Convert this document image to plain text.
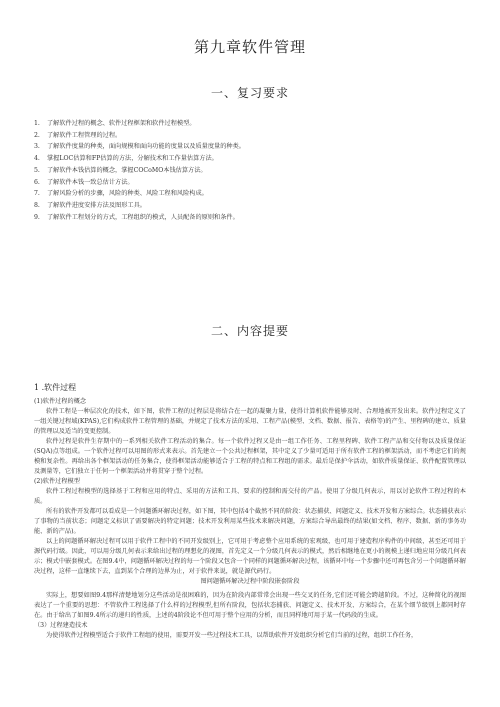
第九章软件管理
一、复习要求
1. 了解软件过程的概念、软件过程框架和软件过程模型。
2. 了解软件工程管理的过程。
3. 了解软件度量的种类，面向规模和面向功能的度量以及质量度量的种类。
4. 掌握LOC估算和FP估算的方法，分解技术和工作量估算方法。
5. 了解软件本钱估算的概念，掌握COCoMO本钱估算方法。
6. 了解软件本钱一致总估计方法。
7. 了解风险分析的步骤，风险的种类、风险工程和风险构成。
8. 了解软件进度安排方法及图形工具。
9. 了解软件工程划分的方式，工程组织的模式，人员配备的原则和条件。
二、内容提要
1 .软件过程
(1)软件过程的概念

软件工程是一种层次化的技术，如下图，软件工程的过程层是将结合在一起的凝聚力量，使得计算机软件能够及时、合理地被开发出来。软件过程定义了一组关键过程域(KPAS),它们构成软件工程管理的基础，并规定了技术方法的采用、工程产品(模型、文档、数据、报告、表格等)的产生、里程碑的建立、质量的管理以及适当的变更控制。

软件过程是软件生存期中的一系列相关软件工程活动的集合。每一个软件过程又是由一组工作任务、工程里程碑、软件工程产品和交付物以及质量保证(SQA)点等组成。一个软件过程可以用图的形式来表示。首先建立一个公共过程框架，其中定义了少量可适用于所有软件工程的框架活动，而不考虑它们的规模和复杂性。再给出各个框架活动的任务集合，使得框架活动能够适合于工程的特点和工程组的需求。最后是保护伞活动，如软件质量保证、软件配置管理以及测量等，它们独立于任何一个框架活动并将贯穿于整个过程。

(2)软件过程模型

软件工程过程模型的选择基于工程和应用的特点、采用的方法和工具、要求的控制和需交付的产品。使用了分级几何表示，用以讨论软件工程过程的本质。

所有的软件开发都可以看成是一个问题循环解决过程，如下图，其中包括4个截然不同的阶段：状态捕获、问题定义、技术开发和方案综合。状态捕获表示了事物的当前状态；问题定义标识了需要解决的特定问题；技术开发利用某些技术来解决问题，方案综合导出最终的结果(如文档、程序、数据、新的事务功能、新的产品)。

以上的问题循环解决过程可以用于软件工程中的不同开发级别上，它可用于考虑整个应用系统的宏观级，也可用于建造程序构件的中间级，甚至还可用于源代码行级。因此，可以用分级几何表示来给出过程的理想化的视图，首先定义一个分级几何表示的模式，然后相继地在更小的规模上递归地应用分级几何表示；模式中嵌套模式。在图9.4中，问题循环解决过程的每一个阶段又包含一个同样的问题循环解决过程，该循环中每一个步骤中还可再包含另一个问题循环解决过程，这样一直继续下去，直到某个合理的边界为止，对于软件来说，就是源代码行。

图问题循环解决过程中阶段嵌套阶段

实际上，想要如图9.4那样清楚地划分这些活动是很困难的，因为在阶段内部常常会出现一些交叉的任务,它们还可能会跨越阶段。不过，这种简化的视图表达了一个重要的思想：不管软件工程选择了什么样的过程模型,但所有阶段，包括状态捕获、问题定义、技术开发、方案综合，在某个细节级别上都同时存在。由于给出了如图9.4所示的递归的性质，上述的4阶段论不但可用于整个应用的分析，而且同样地可用于某一代码段的生成。

（3）过程建造技术

为使得软件过程模型适合于软件工程组的使用，需要开发一些过程技术工具，以帮助软件开发组织分析它们当前的过程，组织工作任务，
